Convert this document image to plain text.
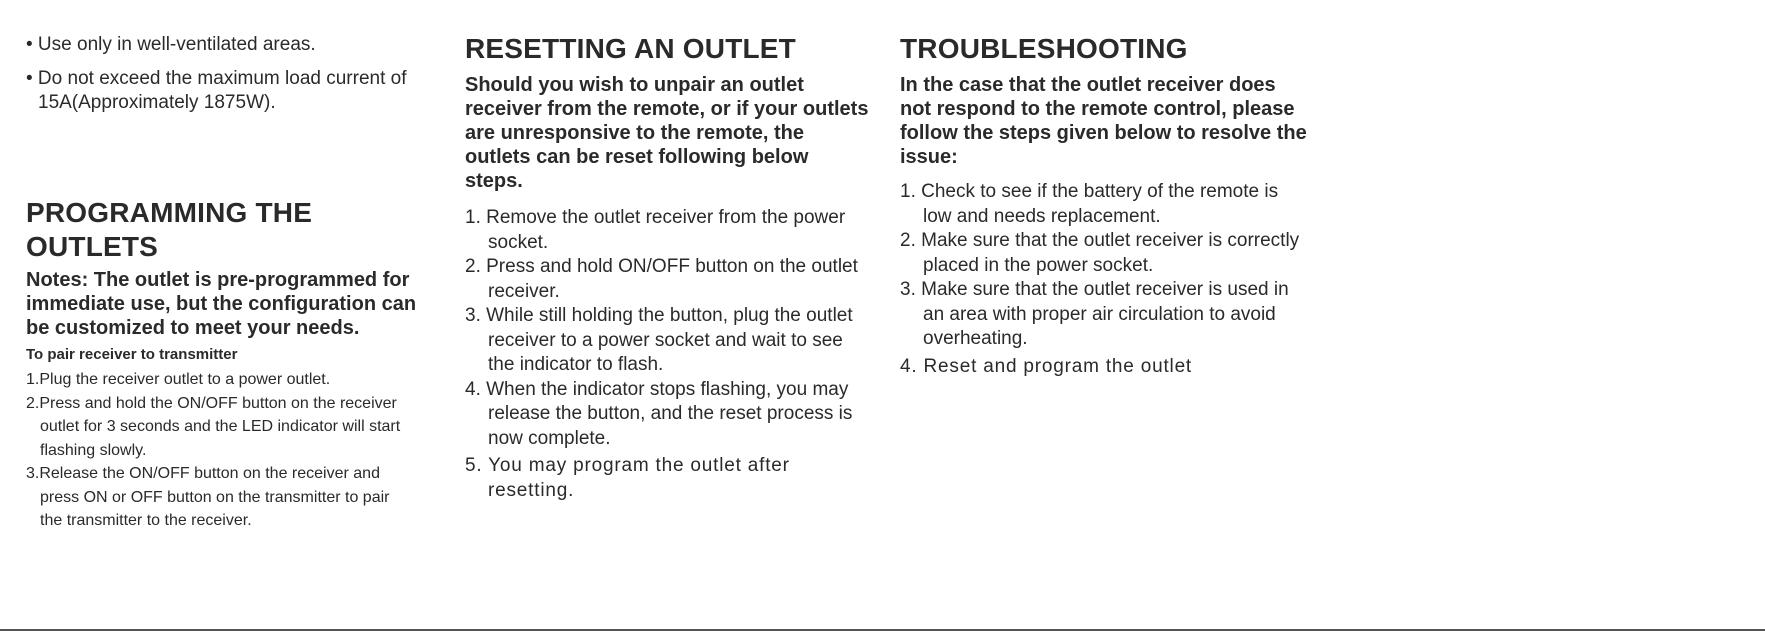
• Use only in well-ventilated areas.

• Do not exceed the maximum load current of 15A(Approximately 1875W).

PROGRAMMING THE OUTLETS

Notes: The outlet is pre-programmed for immediate use, but the configuration can be customized to meet your needs.

To pair receiver to transmitter

1.Plug the receiver outlet to a power outlet.
2.Press and hold the ON/OFF button on the receiver outlet for 3 seconds and the LED indicator will start flashing slowly.
3.Release the ON/OFF button on the receiver and press ON or OFF button on the transmitter to pair the transmitter to the receiver.
RESETTING AN OUTLET

Should you wish to unpair an outlet receiver from the remote, or if your outlets are unresponsive to the remote, the outlets can be reset following below steps.

1. Remove the outlet receiver from the power socket.
2. Press and hold ON/OFF button on the outlet receiver.
3. While still holding the button, plug the outlet receiver to a power socket and wait to see the indicator to flash.
4. When the indicator stops flashing, you may release the button, and the reset process is now complete.
5. You may program the outlet after resetting.
TROUBLESHOOTING

In the case that the outlet receiver does not respond to the remote control, please follow the steps given below to resolve the issue:

1. Check to see if the battery of the remote is low and needs replacement.
2. Make sure that the outlet receiver is correctly placed in the power socket.
3. Make sure that the outlet receiver is used in an area with proper air circulation to avoid overheating.
4. Reset and program the outlet
